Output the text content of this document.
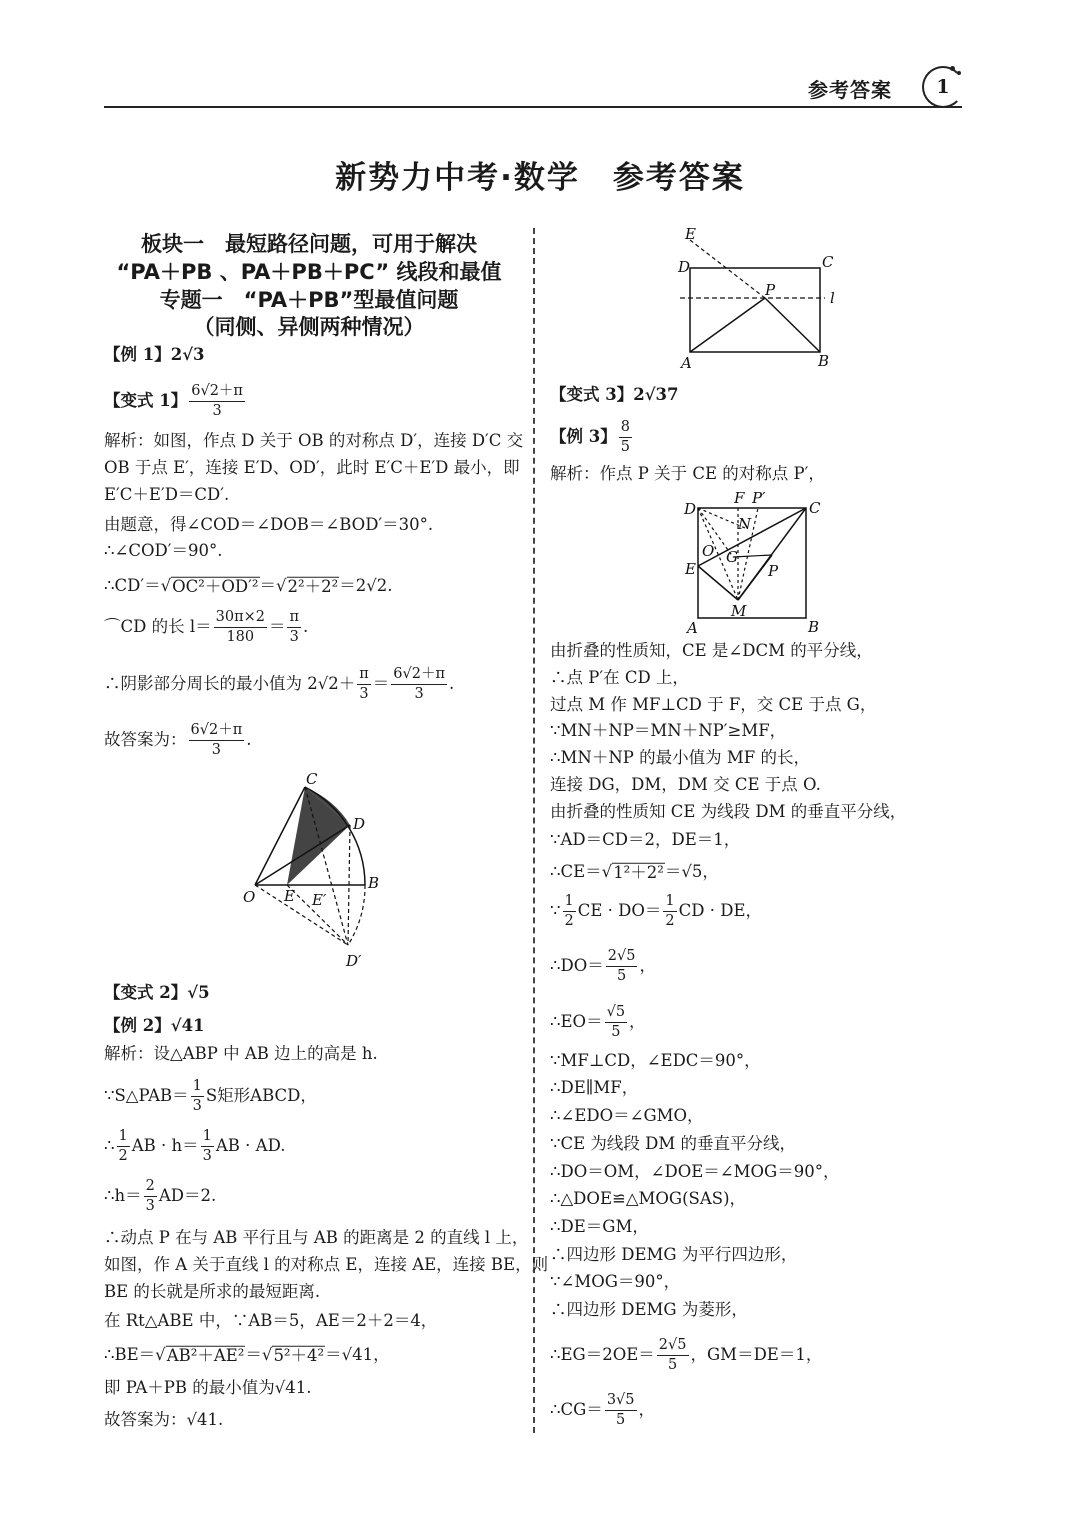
参考答案	1
新势力中考·数学　参考答案
板块一　最短路径问题，可用于解决
“PA＋PB 、PA＋PB＋PC” 线段和最值
专题一　“PA＋PB”型最值问题
（同侧、异侧两种情况）
【例 1】2√3
【变式 1】 $\frac{6√2+\pi}{3}$
解析：如图，作点 D 关于 OB 的对称点 D′，连接 D′C 交
OB 于点 E′，连接 E′D、OD′，此时 E′C＋E′D 最小，即
E′C＋E′D＝CD′.
由题意，得∠COD＝∠DOB＝∠BOD′＝30°.
∴∠COD′＝90°.
∴CD′＝√ OC²＋OD′² ＝√ 2²＋2² ＝2√2.
⌒CD 的长 $l= \frac{30\pi\times 2}{180} = \frac{\pi}{3}$ .
∴阴影部分周长的最小值为 $2√2+ \frac{\pi}{3} = \frac{6√2+\pi}{3}$ .
故答案为： $\frac{6√2+\pi}{3}$ .
【变式 2】√5
【例 2】√41
解析：设△ABP 中 AB 边上的高是 h.
∵S△PAB＝ $\frac{1}{3}$ S矩形ABCD，
∴ $\frac{1}{2}$ AB · $h= \frac{1}{3}$ AB · AD.
∴h＝ $\frac{2}{3} AD=2$.
∴动点 P 在与 AB 平行且与 AB 的距离是 2 的直线 l 上，
如图，作 A 关于直线 l 的对称点 E，连接 AE，连接 BE，则
BE 的长就是所求的最短距离.
在 Rt△ABE 中，∵AB＝5，AE＝2＋2＝4，
∴BE＝√ AB²＋AE² ＝√ 5²＋4² ＝√41，
即 PA＋PB 的最小值为√41.
故答案为：√41.
【变式 3】2√37
【例 3】 $\frac{8}{5}$
解析：作点 P 关于 CE 的对称点 P′，
由折叠的性质知，CE 是∠DCM 的平分线，
∴点 P′在 CD 上，
过点 M 作 MF⊥CD 于 F，交 CE 于点 G，
∵MN＋NP＝MN＋NP′≥MF，
∴MN＋NP 的最小值为 MF 的长，
连接 DG，DM，DM 交 CE 于点 O.
由折叠的性质知 CE 为线段 DM 的垂直平分线，
∵AD＝CD＝2，DE＝1，
∴CE＝√ 1²＋2² ＝√5，
∵ $\frac{1}{2}$ CE · $DO= \frac{1}{2}$ CD · DE，
∴DO＝ $\frac{2√5}{5}$ ，
∴EO＝ $\frac{√5}{5}$ ，
∵MF⊥CD，∠EDC＝90°，
∴DE∥MF，
∴∠EDO＝∠GMO，
∵CE 为线段 DM 的垂直平分线，
∴DO＝OM，∠DOE＝∠MOG＝90°，
∴△DOE≌△MOG(SAS)，
∴DE＝GM，
∴四边形 DEMG 为平行四边形，
∵∠MOG＝90°，
∴四边形 DEMG 为菱形，
∴EG＝2OE＝ $\frac{2√5}{5}$ ，GM＝DE＝1，
∴CG＝ $\frac{3√5}{5}$ ，
C
D
O E E′
B
D′
E
D	C
P	l
A	B
F P′
D	C
N
O G
E	P
M
A	B
